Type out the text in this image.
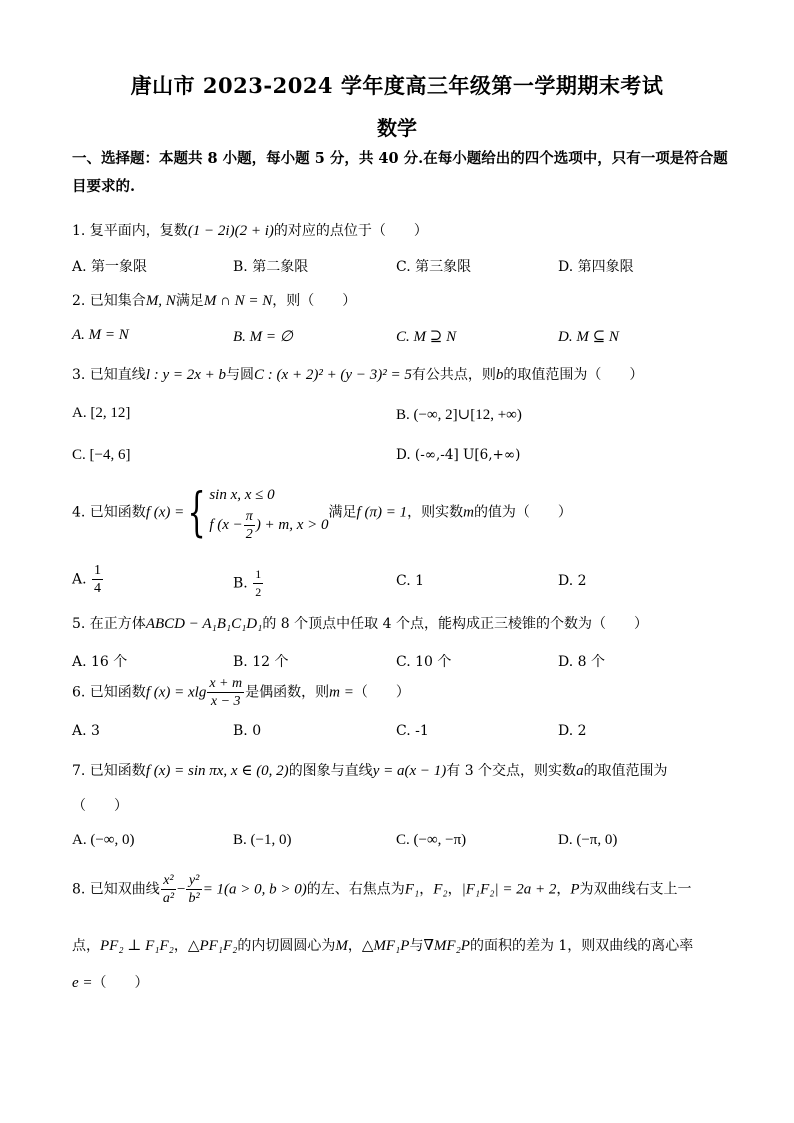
唐山市 2023-2024 学年度高三年级第一学期期末考试
数学
一、选择题：本题共 8 小题，每小题 5 分，共 40 分.在每小题给出的四个选项中，只有一项是符合题目要求的.
1. 复平面内，复数(1 − 2i)(2 + i)的对应的点位于（　　）
A. 第一象限	B. 第二象限	C. 第三象限	D. 第四象限
2. 已知集合M, N满足M ∩ N = N，则（　　）
A. M = N	B. M = ∅	C. M ⊇ N	D. M ⊆ N
3. 已知直线l : y = 2x + b与圆C : (x + 2)² + (y − 3)² = 5有公共点，则b的取值范围为（　　）
A. [2, 12]	B. (−∞, 2]∪[12, +∞)
C. [−4, 6]	D. (-∞,-4] U[6,+∞)
4. 已知函数f (x) ={ sin x, x ≤ 0
f ($x - \frac{\pi}{2}$ ) + m, x > 0
满足f (π) = 1，则实数m的值为（　　）
A. $\frac{1}{4}$	B. $\frac{1}{2}$	C. 1	D. 2
5. 在正方体ABCD − A₁B₁C₁D₁的 8 个顶点中任取 4 个点，能构成正三棱锥的个数为（　　）
A. 16 个	B. 12 个	C. 10 个	D. 8 个
6. 已知函数f (x) = xlg $\frac{x + m}{x - 3}$ 是偶函数，则m =（　　）
A. 3	B. 0	C. -1	D. 2
7. 已知函数f (x) = sin πx, x ∈ (0, 2)的图象与直线y = a(x − 1)有 3 个交点，则实数a的取值范围为
（　　）
A. (−∞, 0)	B. (−1, 0)	C. (−∞, −π)	D. (−π, 0)
8. 已知双曲线 $\frac{\text{x²}}{\text{a²}} - \frac{\text{y²}}{\text{b²}} = 1(a > 0$, b > 0)的左、右焦点为F₁，F₂，|F₁F₂| = 2a + 2，P为双曲线右支上一
点，PF₂ ⊥ F₁F₂，△PF₁F₂的内切圆圆心为M，△MF₁P与∇MF₂P的面积的差为 1，则双曲线的离心率
e =（　　）
